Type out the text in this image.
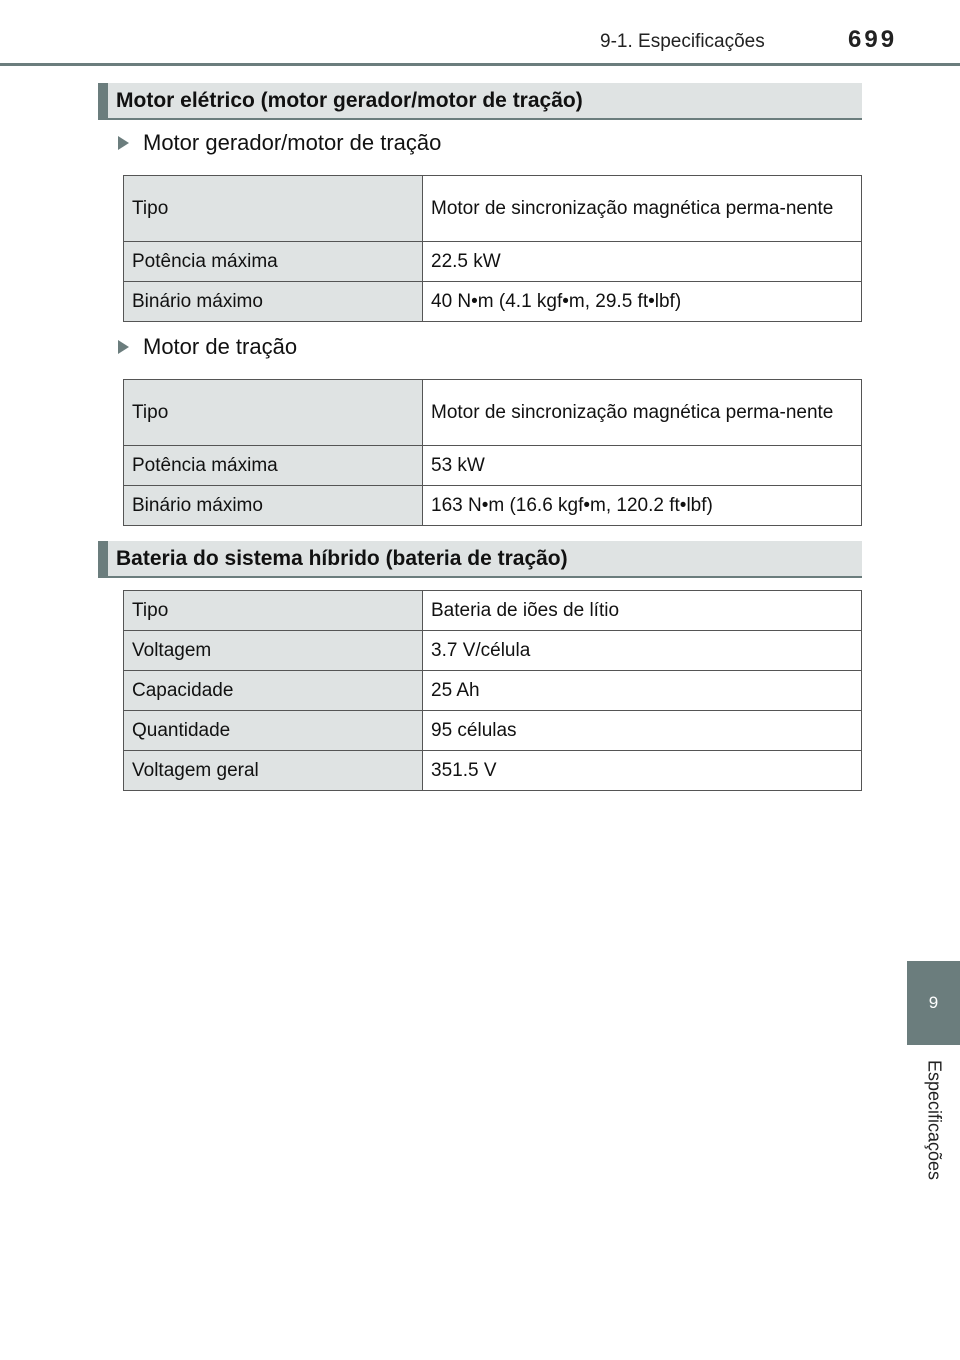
9-1. Especificações	699
Motor elétrico (motor gerador/motor de tração)
Motor gerador/motor de tração
Tipo	Motor de sincronização magnética perma-nente
Potência máxima	22.5 kW
Binário máximo	40 N•m (4.1 kgf•m, 29.5 ft•lbf)
Motor de tração
Tipo	Motor de sincronização magnética perma-nente
Potência máxima	53 kW
Binário máximo	163 N•m (16.6 kgf•m, 120.2 ft•lbf)
Bateria do sistema híbrido (bateria de tração)
Tipo	Bateria de iões de lítio
Voltagem	3.7 V/célula
Capacidade	25 Ah
Quantidade	95 células
Voltagem geral	351.5 V
9
Especificações
